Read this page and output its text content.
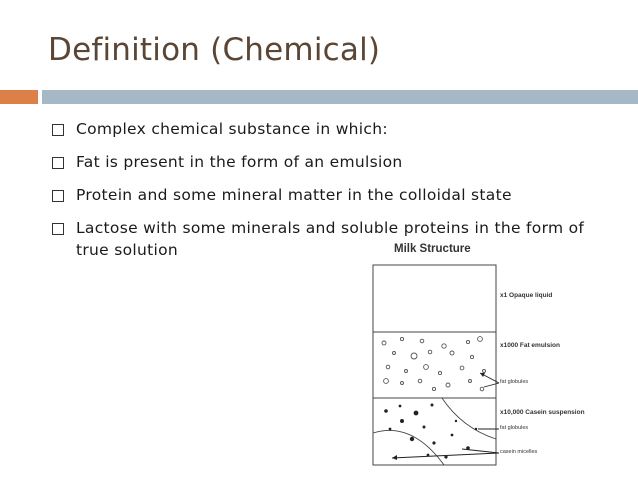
Definition (Chemical)
Complex chemical substance in which:
Fat is present in the form of an emulsion
Protein and some mineral matter in the colloidal state
Lactose with some minerals and soluble proteins in the form of true solution	Milk Structure
x1 Opaque liquid
x1000 Fat emulsion
fat globules
x10,000 Casein suspension
fat globules
casein micelles
